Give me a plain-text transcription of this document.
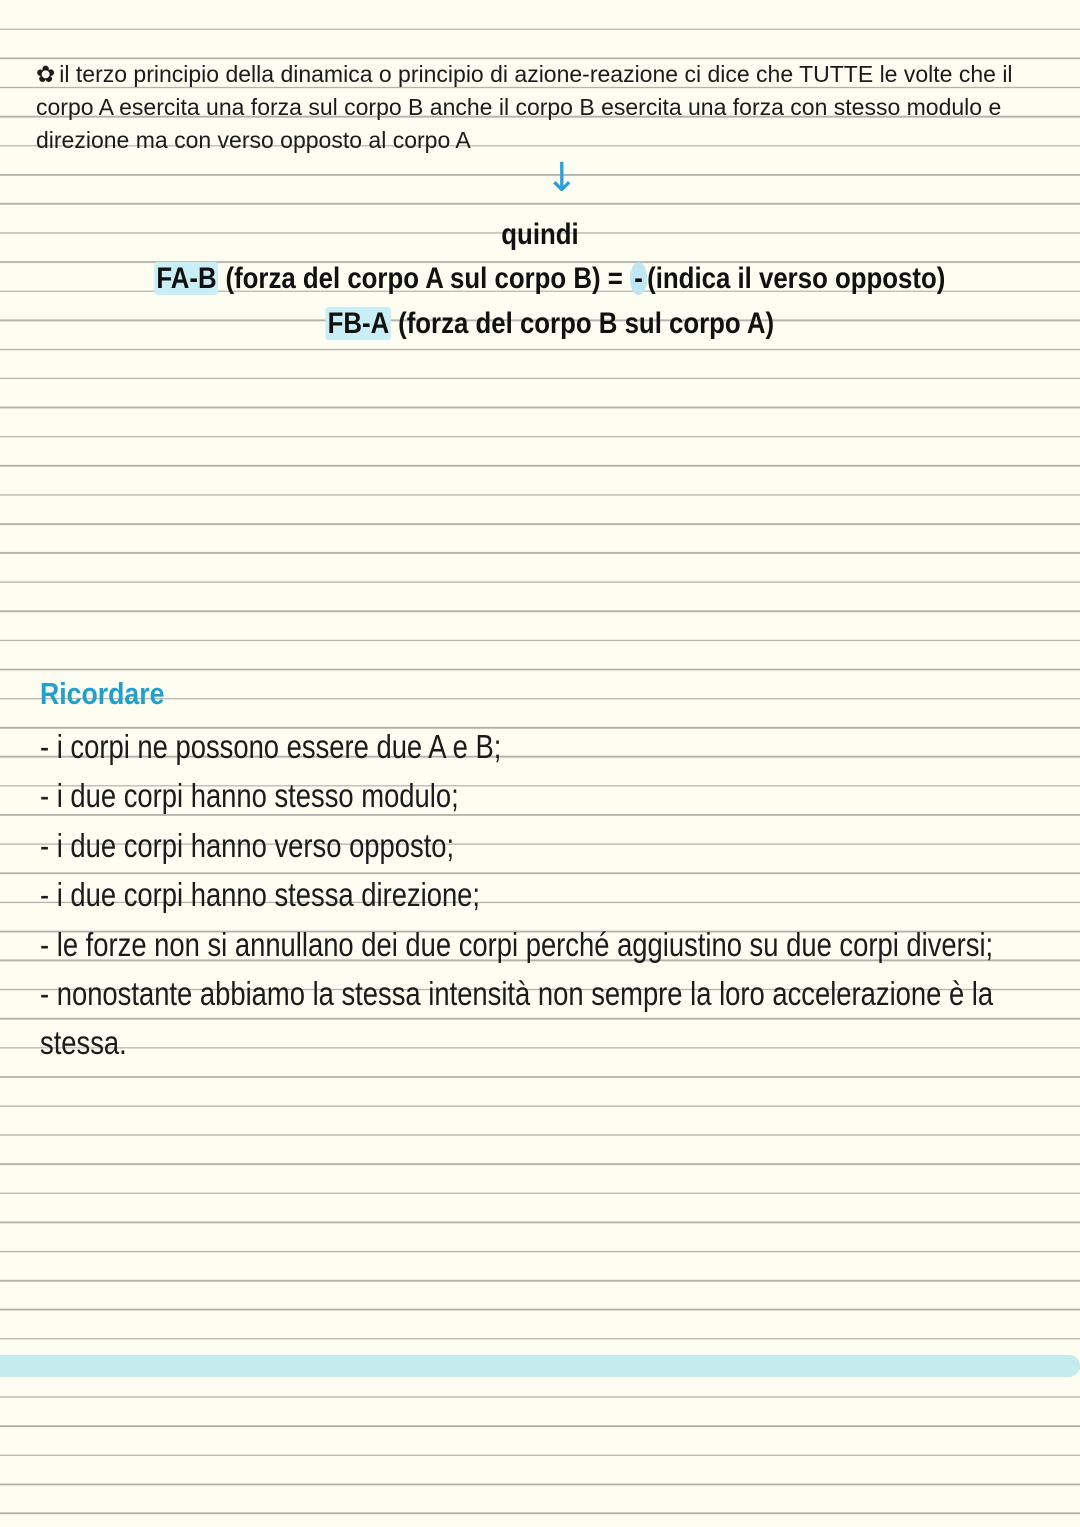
✿ il terzo principio della dinamica o principio di azione-reazione ci dice che TUTTE le volte che il corpo A esercita una forza sul corpo B anche il corpo B esercita una forza con stesso modulo e direzione ma con verso opposto al corpo A

↓

quindi

FA-B (forza del corpo A sul corpo B) = - (indica il verso opposto)

FB-A (forza del corpo B sul corpo A)

Ricordare

- i corpi ne possono essere due A e B;
- i due corpi hanno stesso modulo;
- i due corpi hanno verso opposto;
- i due corpi hanno stessa direzione;
- le forze non si annullano dei due corpi perché aggiustino su due corpi diversi;
- nonostante abbiamo la stessa intensità non sempre la loro accelerazione è la stessa.
